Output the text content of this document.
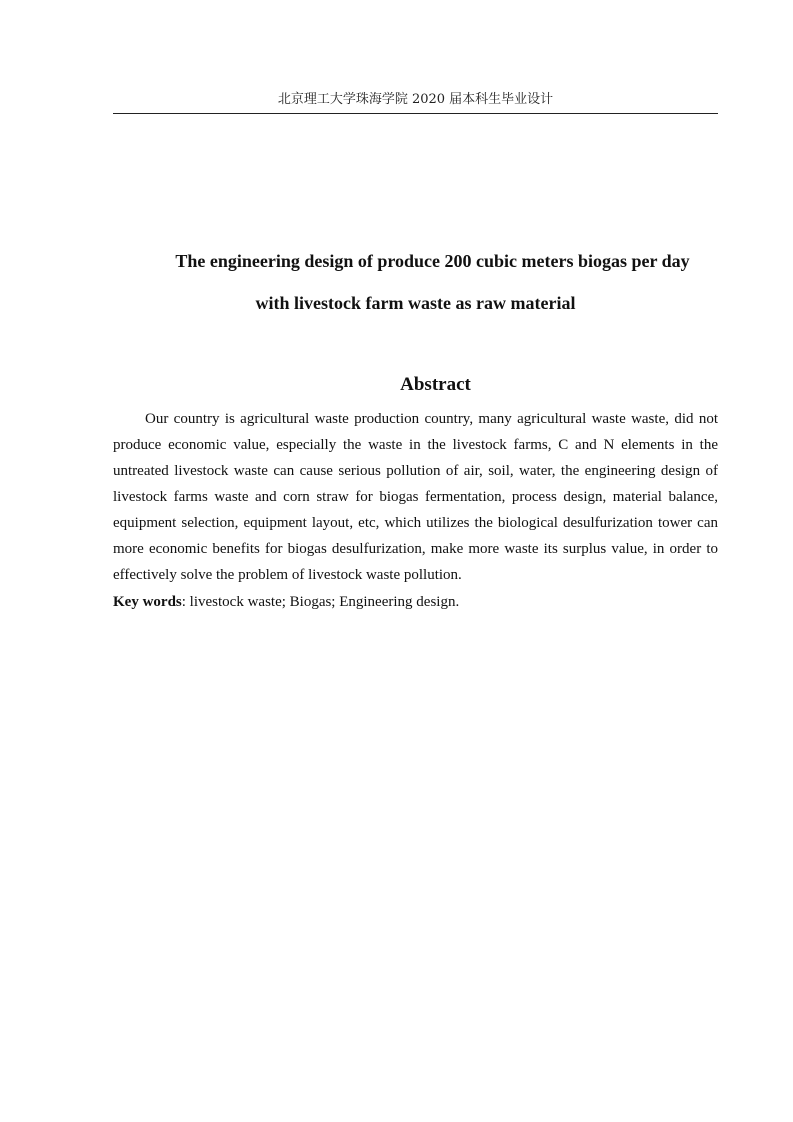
北京理工大学珠海学院 2020 届本科生毕业设计
The engineering design of produce 200 cubic meters biogas per day
with livestock farm waste as raw material
Abstract

Our country is agricultural waste production country, many agricultural waste waste, did not produce economic value, especially the waste in the livestock farms, C and N elements in the untreated livestock waste can cause serious pollution of air, soil, water, the engineering design of livestock farms waste and corn straw for biogas fermentation, process design, material balance, equipment selection, equipment layout, etc, which utilizes the biological desulfurization tower can more economic benefits for biogas desulfurization, make more waste its surplus value, in order to effectively solve the problem of livestock waste pollution.

Key words: livestock waste; Biogas; Engineering design.
